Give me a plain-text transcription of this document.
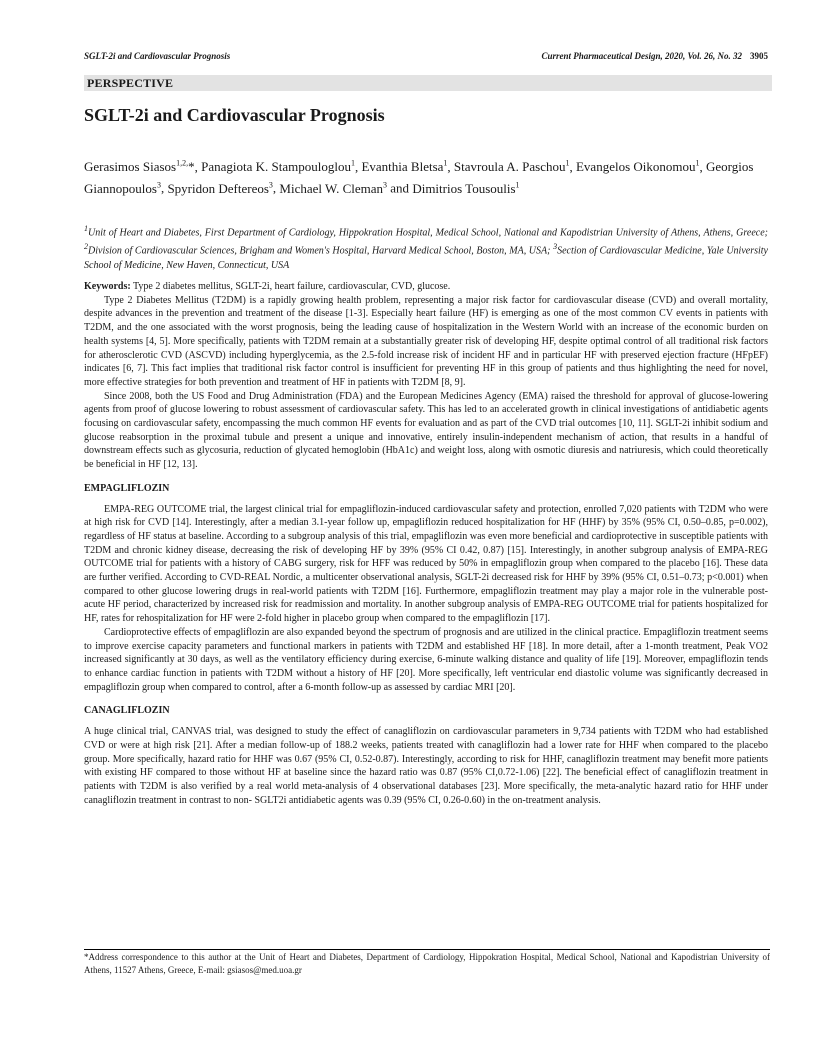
SGLT-2i and Cardiovascular Prognosis	Current Pharmaceutical Design, 2020, Vol. 26, No. 32 3905
PERSPECTIVE
SGLT-2i and Cardiovascular Prognosis
Gerasimos Siasos$^{1,2,}$*, Panagiota K. Stampouloglou$^1$, Evanthia Bletsa$^1$, Stavroula A. Paschou$^1$, Evangelos Oikonomou$^1$, Georgios Giannopoulos$^3$, Spyridon Deftereos$^3$, Michael W. Cleman$^3$ and Dimitrios Tousoulis$^1$
$^1$Unit of Heart and Diabetes, First Department of Cardiology, Hippokration Hospital, Medical School, National and Kapodistrian University of Athens, Athens, Greece; $^2$Division of Cardiovascular Sciences, Brigham and Women's Hospital, Harvard Medical School, Boston, MA, USA; $^3$Section of Cardiovascular Medicine, Yale University School of Medicine, New Haven, Connecticut, USA

Keywords: Type 2 diabetes mellitus, SGLT-2i, heart failure, cardiovascular, CVD, glucose.

Type 2 Diabetes Mellitus (T2DM) is a rapidly growing health problem, representing a major risk factor for cardiovascular disease (CVD) and overall mortality, despite advances in the prevention and treatment of the disease [1-3]. Especially heart failure (HF) is emerging as one of the most common CV events in patients with T2DM, and the one associated with the worst prognosis, being the leading cause of hospitalization in the Western World with an increase of the economic burden on health systems [4, 5]. More specifically, patients with T2DM remain at a substantially greater risk of developing HF, despite optimal control of all traditional risk factors for atherosclerotic CVD (ASCVD) including hyperglycemia, as the 2.5-fold increase risk of incident HF and in particular HF with preserved ejection fracture (HFpEF) indicates [6, 7]. This fact implies that traditional risk factor control is insufficient for preventing HF in this group of patients and thus highlighting the need for novel, more effective strategies for both prevention and treatment of HF in patients with T2DM [8, 9].

Since 2008, both the US Food and Drug Administration (FDA) and the European Medicines Agency (EMA) raised the threshold for approval of glucose-lowering agents from proof of glucose lowering to robust assessment of cardiovascular safety. This has led to an accelerated growth in clinical investigations of antidiabetic agents focusing on cardiovascular safety, encompassing the much common HF events for evaluation and as part of the CVD trial outcomes [10, 11]. SGLT-2i inhibit sodium and glucose reabsorption in the proximal tubule and present a unique and innovative, entirely insulin-independent mechanism of action, that results in a handful of downstream effects such as glycosuria, reduction of glycated hemoglobin (HbA1c) and weight loss, along with osmotic diuresis and natriuresis, which could theoretically be beneficial in HF [12, 13].

EMPAGLIFLOZIN

EMPA-REG OUTCOME trial, the largest clinical trial for empagliflozin-induced cardiovascular safety and protection, enrolled 7,020 patients with T2DM who were at high risk for CVD [14]. Interestingly, after a median 3.1-year follow up, empagliflozin reduced hospitalization for HF (HHF) by 35% (95% CI, 0.50–0.85, p=0.002), regardless of HF status at baseline. According to a subgroup analysis of this trial, empagliflozin was even more beneficial and cardioprotective in susceptible patients with T2DM and chronic kidney disease, decreasing the risk of developing HF by 39% (95% CI 0.42, 0.87) [15]. Interestingly, in another subgroup analysis of EMPA-REG OUTCOME trial for patients with a history of CABG surgery, risk for HFF was reduced by 50% in empagliflozin group when compared to the placebo [16]. These data are further verified. According to CVD-REAL Nordic, a multicenter observational analysis, SGLT-2i decreased risk for HHF by 39% (95% CI, 0.51–0.73; p<0.001) when compared to other glucose lowering drugs in real-world patients with T2DM [16]. Furthermore, empagliflozin treatment may play a major role in the vulnerable post-acute HF period, characterized by increased risk for readmission and mortality. In another subgroup analysis of EMPA-REG OUTCOME trial for patients hospitalized for HF, rates for rehospitalization for HF were 2-fold higher in placebo group when compared to the empagliflozin [17].

Cardioprotective effects of empagliflozin are also expanded beyond the spectrum of prognosis and are utilized in the clinical practice. Empagliflozin treatment seems to improve exercise capacity parameters and functional markers in patients with T2DM and established HF [18]. In more detail, after a 1-month treatment, Peak VO2 increased significantly at 30 days, as well as the ventilatory efficiency during exercise, 6-minute walking distance and quality of life [19]. Moreover, empagliflozin tends to enhance cardiac function in patients with T2DM without a history of HF [20]. More specifically, left ventricular end diastolic volume was significantly decreased in empagliflozin group when compared to control, after a 6-month follow-up as assessed by cardiac MRI [20].

CANAGLIFLOZIN

A huge clinical trial, CANVAS trial, was designed to study the effect of canagliflozin on cardiovascular parameters in 9,734 patients with T2DM who had established CVD or were at high risk [21]. After a median follow-up of 188.2 weeks, patients treated with canagliflozin had a lower rate for HHF when compared to the placebo group. More specifically, hazard ratio for HHF was 0.67 (95% CI, 0.52-0.87). Interestingly, according to risk for HHF, canagliflozin treatment may benefit more patients with existing HF compared to those without HF at baseline since the hazard ratio was 0.87 (95% CI,0.72-1.06) [22]. The beneficial effect of canagliflozin treatment in patients with T2DM is also verified by a real world meta-analysis of 4 observational databases [23]. More specifically, the meta-analytic hazard ratio for HHF under canagliflozin treatment in contrast to non- SGLT2i antidiabetic agents was 0.39 (95% CI, 0.26-0.60) in the on-treatment analysis.

*Address correspondence to this author at the Unit of Heart and Diabetes, Department of Cardiology, Hippokration Hospital, Medical School, National and Kapodistrian University of Athens, 11527 Athens, Greece, E-mail: gsiasos@med.uoa.gr
